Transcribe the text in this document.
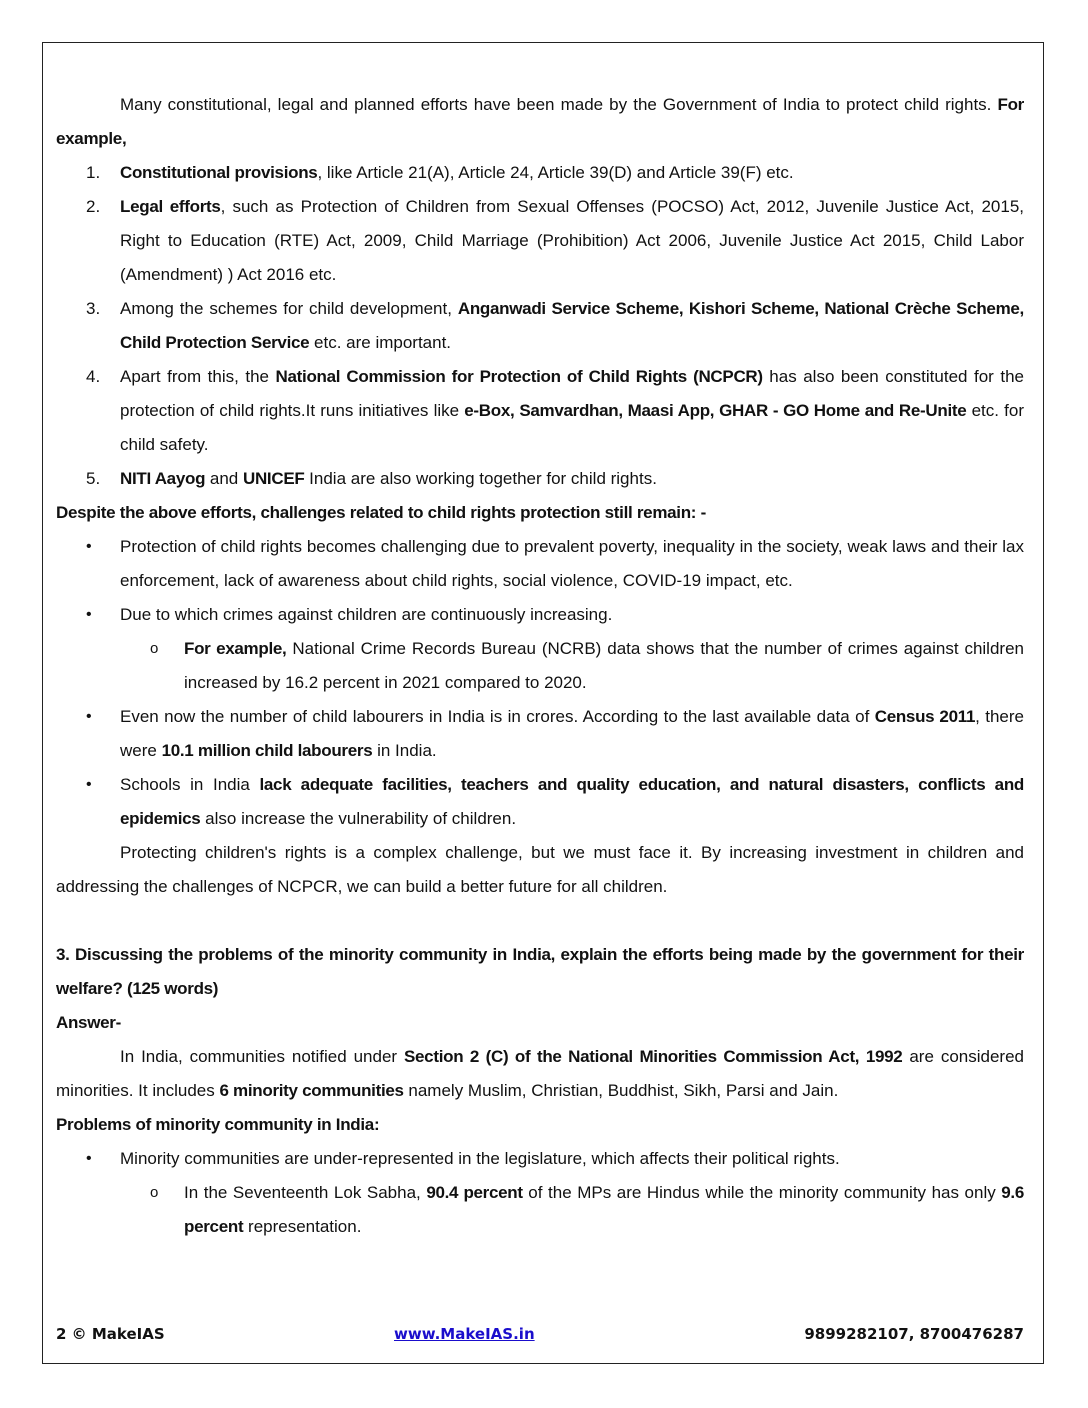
Many constitutional, legal and planned efforts have been made by the Government of India to protect child rights. For example,

1. Constitutional provisions, like Article 21(A), Article 24, Article 39(D) and Article 39(F) etc.
2. Legal efforts, such as Protection of Children from Sexual Offenses (POCSO) Act, 2012, Juvenile Justice Act, 2015, Right to Education (RTE) Act, 2009, Child Marriage (Prohibition) Act 2006, Juvenile Justice Act 2015, Child Labor (Amendment) ) Act 2016 etc.
3. Among the schemes for child development, Anganwadi Service Scheme, Kishori Scheme, National Crèche Scheme, Child Protection Service etc. are important.
4. Apart from this, the National Commission for Protection of Child Rights (NCPCR) has also been constituted for the protection of child rights.It runs initiatives like e-Box, Samvardhan, Maasi App, GHAR - GO Home and Re-Unite etc. for child safety.
5. NITI Aayog and UNICEF India are also working together for child rights.

Despite the above efforts, challenges related to child rights protection still remain: -

• Protection of child rights becomes challenging due to prevalent poverty, inequality in the society, weak laws and their lax enforcement, lack of awareness about child rights, social violence, COVID-19 impact, etc.
• Due to which crimes against children are continuously increasing.
o For example, National Crime Records Bureau (NCRB) data shows that the number of crimes against children increased by 16.2 percent in 2021 compared to 2020.
• Even now the number of child labourers in India is in crores. According to the last available data of Census 2011, there were 10.1 million child labourers in India.
• Schools in India lack adequate facilities, teachers and quality education, and natural disasters, conflicts and epidemics also increase the vulnerability of children.

Protecting children's rights is a complex challenge, but we must face it. By increasing investment in children and addressing the challenges of NCPCR, we can build a better future for all children.

3. Discussing the problems of the minority community in India, explain the efforts being made by the government for their welfare? (125 words)

Answer-

In India, communities notified under Section 2 (C) of the National Minorities Commission Act, 1992 are considered minorities. It includes 6 minority communities namely Muslim, Christian, Buddhist, Sikh, Parsi and Jain.

Problems of minority community in India:

• Minority communities are under-represented in the legislature, which affects their political rights.
o In the Seventeenth Lok Sabha, 90.4 percent of the MPs are Hindus while the minority community has only 9.6 percent representation.
2 © MakeIAS	www.MakeIAS.in	9899282107, 8700476287
